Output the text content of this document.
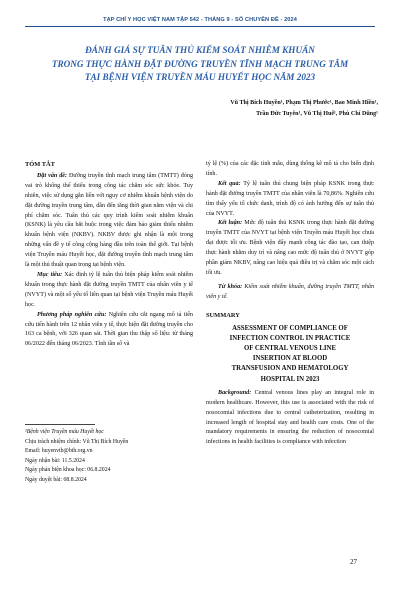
TẠP CHÍ Y HỌC VIỆT NAM TẬP 542 - THÁNG 9 - SỐ CHUYÊN ĐỀ - 2024
ĐÁNH GIÁ SỰ TUÂN THỦ KIỂM SOÁT NHIỄM KHUẨN
TRONG THỰC HÀNH ĐẶT ĐƯỜNG TRUYỀN TĨNH MẠCH TRUNG TÂM
TẠI BỆNH VIỆN TRUYỀN MÁU HUYẾT HỌC NĂM 2023
Vũ Thị Bích Huyền¹, Phạm Thị Phước¹, Bao Minh Hiền¹,
Trần Đức Tuyên¹, Vũ Thị Huế¹, Phù Chí Dũng¹
TÓM TẮT

Đặt vấn đề: Đường truyền tĩnh mạch trung tâm (TMTT) đóng vai trò không thể thiếu trong công tác chăm sóc sức khỏe. Tuy nhiên, việc sử dụng gắn liền với nguy cơ nhiễm khuẩn bệnh viện do đặt đường truyền trung tâm, dẫn đến tăng thời gian nằm viện và chi phí chăm sóc. Tuân thủ các quy trình kiểm soát nhiễm khuẩn (KSNK) là yêu cầu bắt buộc trong việc đảm bảo giảm thiểu nhiễm khuẩn bệnh viện (NKBV). NKBV được ghi nhận là một trong những vấn đề y tế công cộng hàng đầu trên toàn thế giới. Tại bệnh viện Truyền máu Huyết học, đặt đường truyền tĩnh mạch trung tâm là một thủ thuật quan trọng tại bệnh viện.

Mục tiêu: Xác định tỷ lệ tuân thủ biện pháp kiểm soát nhiễm khuẩn trong thực hành đặt đường truyền TMTT của nhân viên y tế (NVYT) và một số yếu tố liên quan tại bệnh viện Truyền máu Huyết học.

Phương pháp nghiên cứu: Nghiên cứu cắt ngang mô tả tiến cứu tiến hành trên 12 nhân viên y tế, thực hiện đặt đường truyền cho 163 ca bệnh, với 326 quan sát. Thời gian thu thập số liệu: từ tháng 06/2022 đến tháng 06/2023. Tính tần số và

tỷ lệ (%) của các đặc tính mẫu, dùng thống kê mô tả cho biến định tính.

Kết quả: Tỷ lệ tuân thủ chung biện pháp KSNK trong thực hành đặt đường truyền TMTT của nhân viên là 70,86%. Nghiên cứu tìm thấy yếu tố chức danh, trình độ có ảnh hưởng đến sự tuân thủ của NVYT.

Kết luận: Mức độ tuân thủ KSNK trong thực hành đặt đường truyền TMTT của NVYT tại bệnh viện Truyền máu Huyết học chưa đạt được tối ưu. Bệnh viện đẩy mạnh công tác đào tạo, can thiệp thực hành nhằm duy trì và nâng cao mức độ tuân thủ ở NVYT góp phần giảm NKBV, nâng cao hiệu quả điều trị và chăm sóc một cách tối ưu.

Từ khóa: Kiểm soát nhiễm khuẩn, đường truyền TMTT, nhân viên y tế.

SUMMARY
ASSESSMENT OF COMPLIANCE OF
INFECTION CONTROL IN PRACTICE
OF CENTRAL VENOUS LINE
INSERTION AT BLOOD
TRANSFUSION AND HEMATOLOGY
HOSPITAL IN 2023

Background: Central venous lines play an integral role in modern healthcare. However, this use is associated with the risk of nosocomial infections due to central catheterization, resulting in increased length of hospital stay and health care costs. One of the mandatory requirements in ensuring the reduction of nosocomial infections in health facilities is compliance with infection

¹Bệnh viện Truyền máu Huyết học
Chịu trách nhiệm chính: Vũ Thị Bích Huyền
Email: huyenvtb@bth.org.vn
Ngày nhận bài: 11.5.2024
Ngày phản biện khoa học: 06.8.2024
Ngày duyệt bài: 08.8.2024
27
